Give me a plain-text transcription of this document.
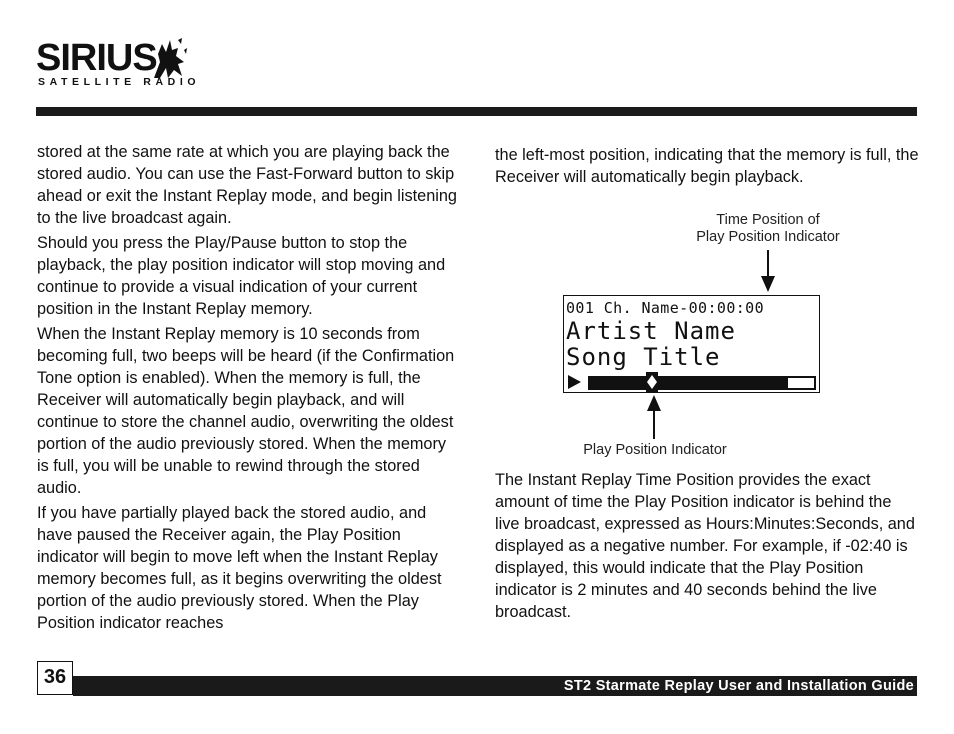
SIRIUS
SATELLITE RADIO

stored at the same rate at which you are playing back the stored audio. You can use the Fast-Forward button to skip ahead or exit the Instant Replay mode, and begin listening to the live broadcast again.

Should you press the Play/Pause button to stop the playback, the play position indicator will stop moving and continue to provide a visual indication of your current position in the Instant Replay memory.

When the Instant Replay memory is 10 seconds from becoming full, two beeps will be heard (if the Confirmation Tone option is enabled). When the memory is full, the Receiver will automatically begin playback, and will continue to store the channel audio, overwriting the oldest portion of the audio previously stored. When the memory is full, you will be unable to rewind through the stored audio.

If you have partially played back the stored audio, and have paused the Receiver again, the Play Position indicator will begin to move left when the Instant Replay memory becomes full, as it begins overwriting the oldest portion of the audio previously stored. When the Play Position indicator reaches

the left-most position, indicating that the memory is full, the Receiver will automatically begin playback.

Time Position of
Play Position Indicator
001 Ch. Name-00:00:00
Artist Name
Song Title
Play Position Indicator

The Instant Replay Time Position provides the exact amount of time the Play Position indicator is behind the live broadcast, expressed as Hours:Minutes:Seconds, and displayed as a negative number. For example, if -02:40 is displayed, this would indicate that the Play Position indicator is 2 minutes and 40 seconds behind the live broadcast.

ST2 Starmate Replay User and Installation Guide
36
